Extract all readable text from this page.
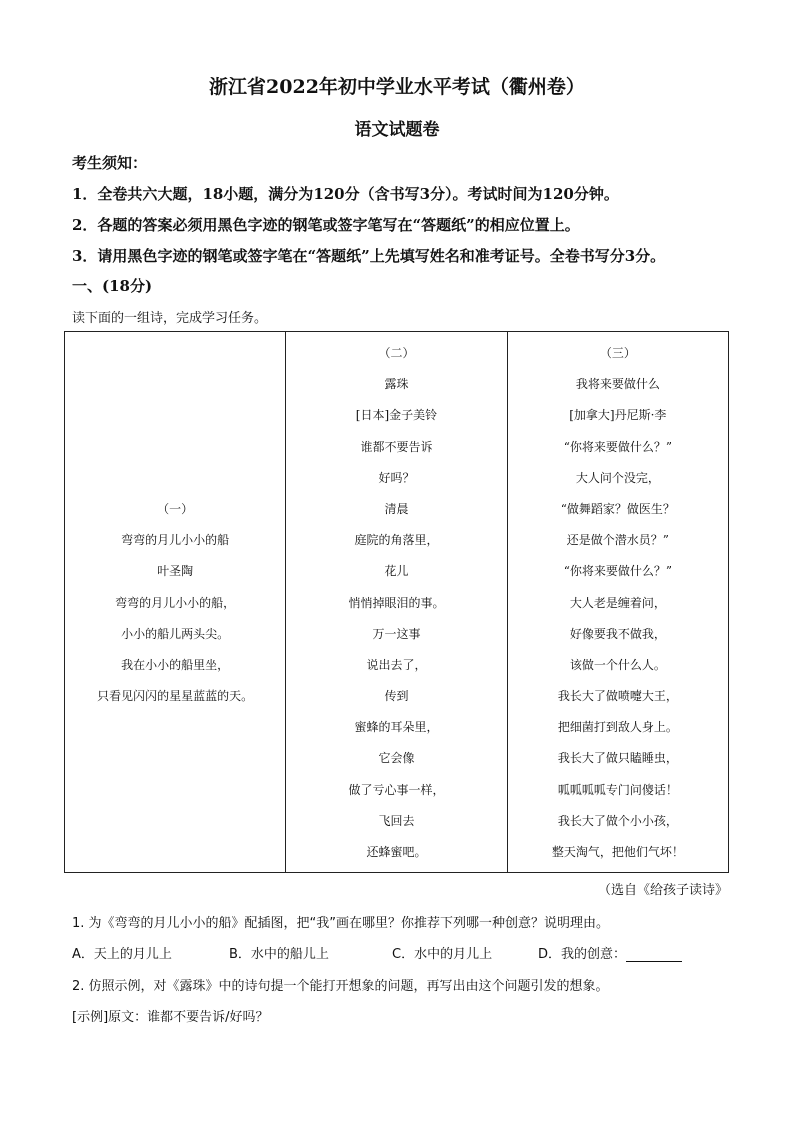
浙江省2022年初中学业水平考试（衢州卷）
语文试题卷
考生须知：
1．全卷共六大题，18小题，满分为120分（含书写3分）。考试时间为120分钟。
2．各题的答案必须用黑色字迹的钢笔或签字笔写在“答题纸”的相应位置上。
3．请用黑色字迹的钢笔或签字笔在“答题纸”上先填写姓名和准考证号。全卷书写分3分。
一、(18分)
读下面的一组诗，完成学习任务。
（一）
弯弯的月儿小小的船
叶圣陶
弯弯的月儿小小的船，
小小的船儿两头尖。
我在小小的船里坐，
只看见闪闪的星星蓝蓝的天。

（二）
露珠
[日本]金子美铃
谁都不要告诉
好吗？
清晨
庭院的角落里，
花儿
悄悄掉眼泪的事。
万一这事
说出去了，
传到
蜜蜂的耳朵里，
它会像
做了亏心事一样，
飞回去
还蜂蜜吧。

（三）
我将来要做什么
[加拿大]丹尼斯·李
“你将来要做什么？”
大人问个没完，
“做舞蹈家？做医生？
还是做个潜水员？”
“你将来要做什么？”
大人老是缠着问，
好像要我不做我，
该做一个什么人。
我长大了做喷嚏大王，
把细菌打到敌人身上。
我长大了做只瞌睡虫，
呱呱呱呱专门问傻话！
我长大了做个小小孩，
整天淘气，把他们气坏！
（选自《给孩子读诗》
1. 为《弯弯的月儿小小的船》配插图，把“我”画在哪里？你推荐下列哪一种创意？说明理由。
A．天上的月儿上	B．水中的船儿上	C．水中的月儿上	D．我的创意：
2. 仿照示例，对《露珠》中的诗句提一个能打开想象的问题，再写出由这个问题引发的想象。
[示例]原文：谁都不要告诉/好吗？
